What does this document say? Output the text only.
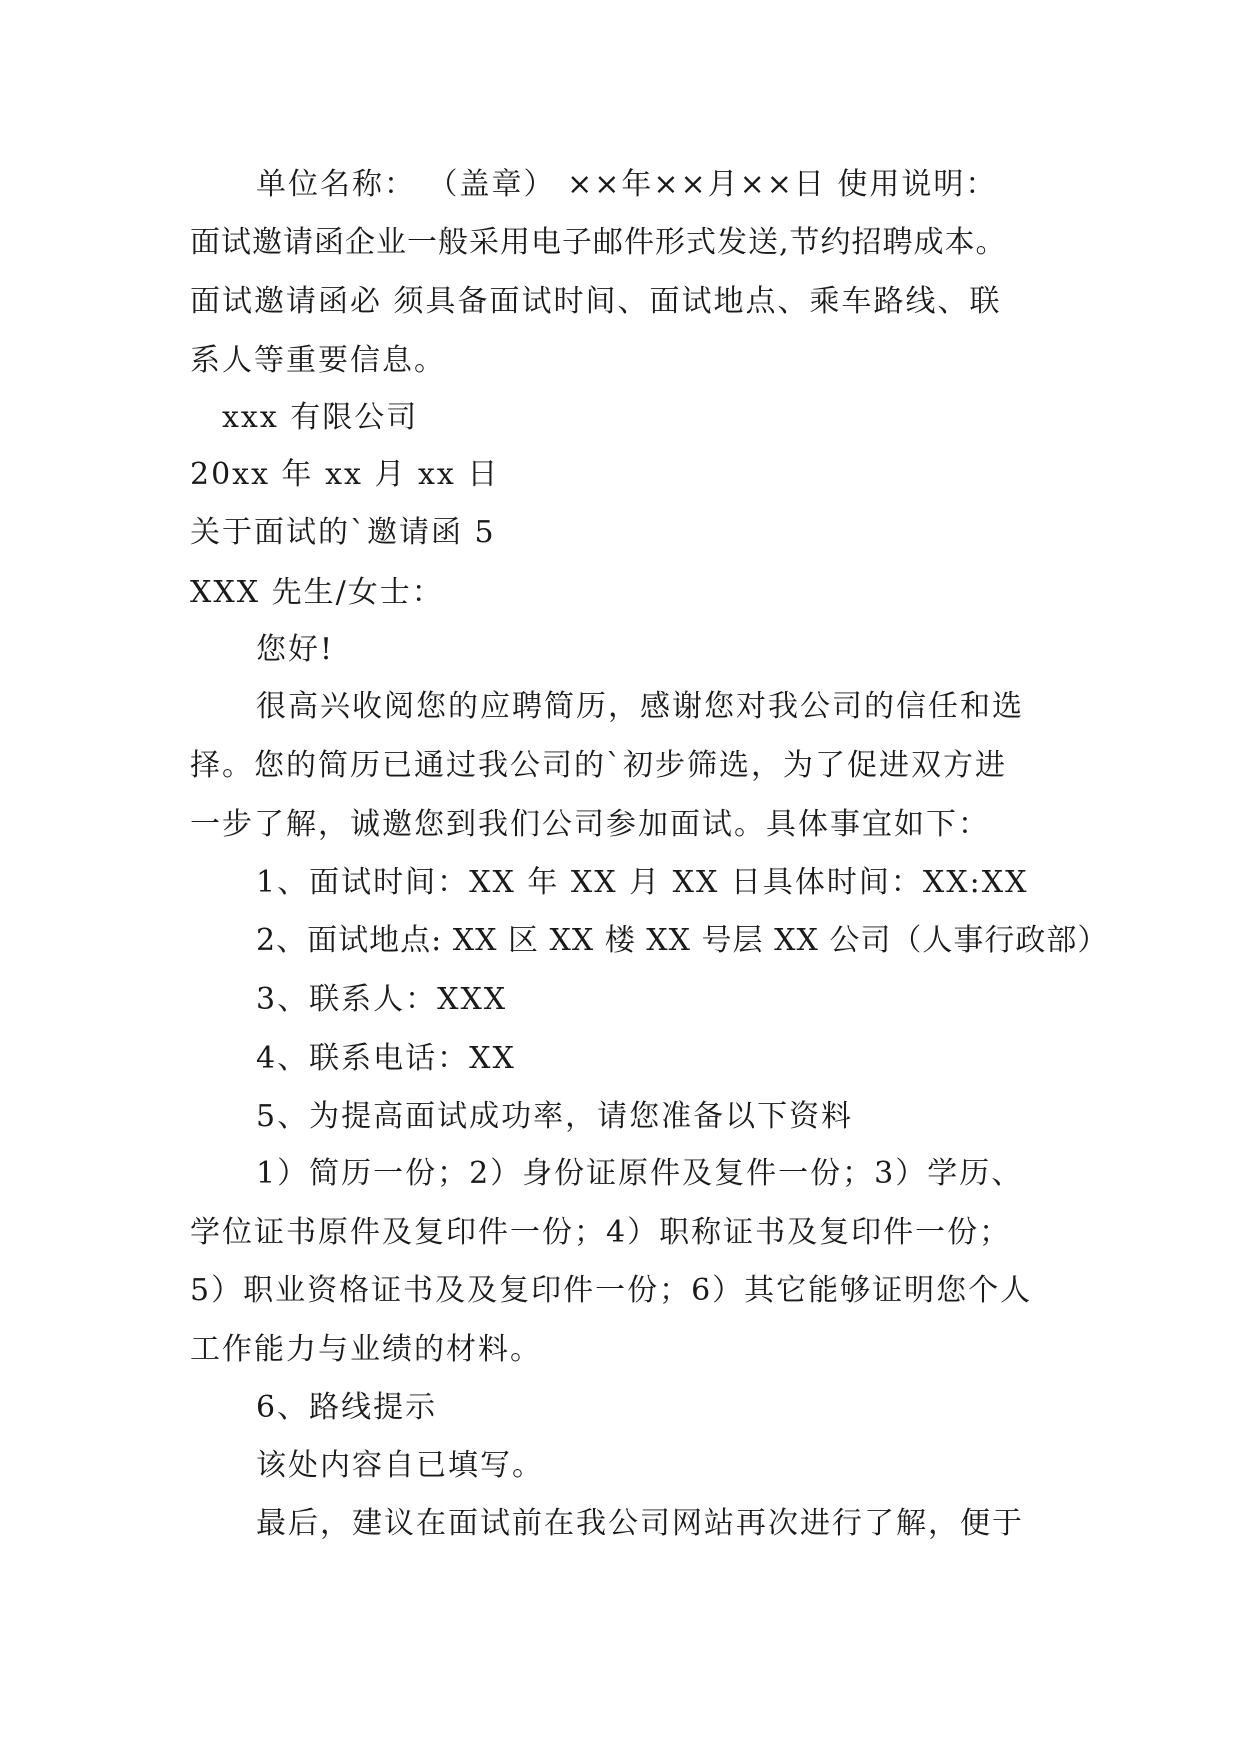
单位名称： （盖章） ××年××月××日 使用说明：
面试邀请函企业一般采用电子邮件形式发送,节约招聘成本。
面试邀请函必 须具备面试时间、面试地点、乘车路线、联
系人等重要信息。
xxx 有限公司
20xx 年 xx 月 xx 日
关于面试的`邀请函 5
XXX 先生/女士：
您好!
很高兴收阅您的应聘简历，感谢您对我公司的信任和选
择。您的简历已通过我公司的`初步筛选，为了促进双方进
一步了解，诚邀您到我们公司参加面试。具体事宜如下：
1、面试时间：XX 年 XX 月 XX 日具体时间：XX:XX
2、面试地点: XX 区 XX 楼 XX 号层 XX 公司（人事行政部）
3、联系人：XXX
4、联系电话：XX
5、为提高面试成功率，请您准备以下资料
1）简历一份；2）身份证原件及复件一份；3）学历、
学位证书原件及复印件一份；4）职称证书及复印件一份；
5）职业资格证书及及复印件一份；6）其它能够证明您个人
工作能力与业绩的材料。
6、路线提示
该处内容自已填写。
最后，建议在面试前在我公司网站再次进行了解，便于
